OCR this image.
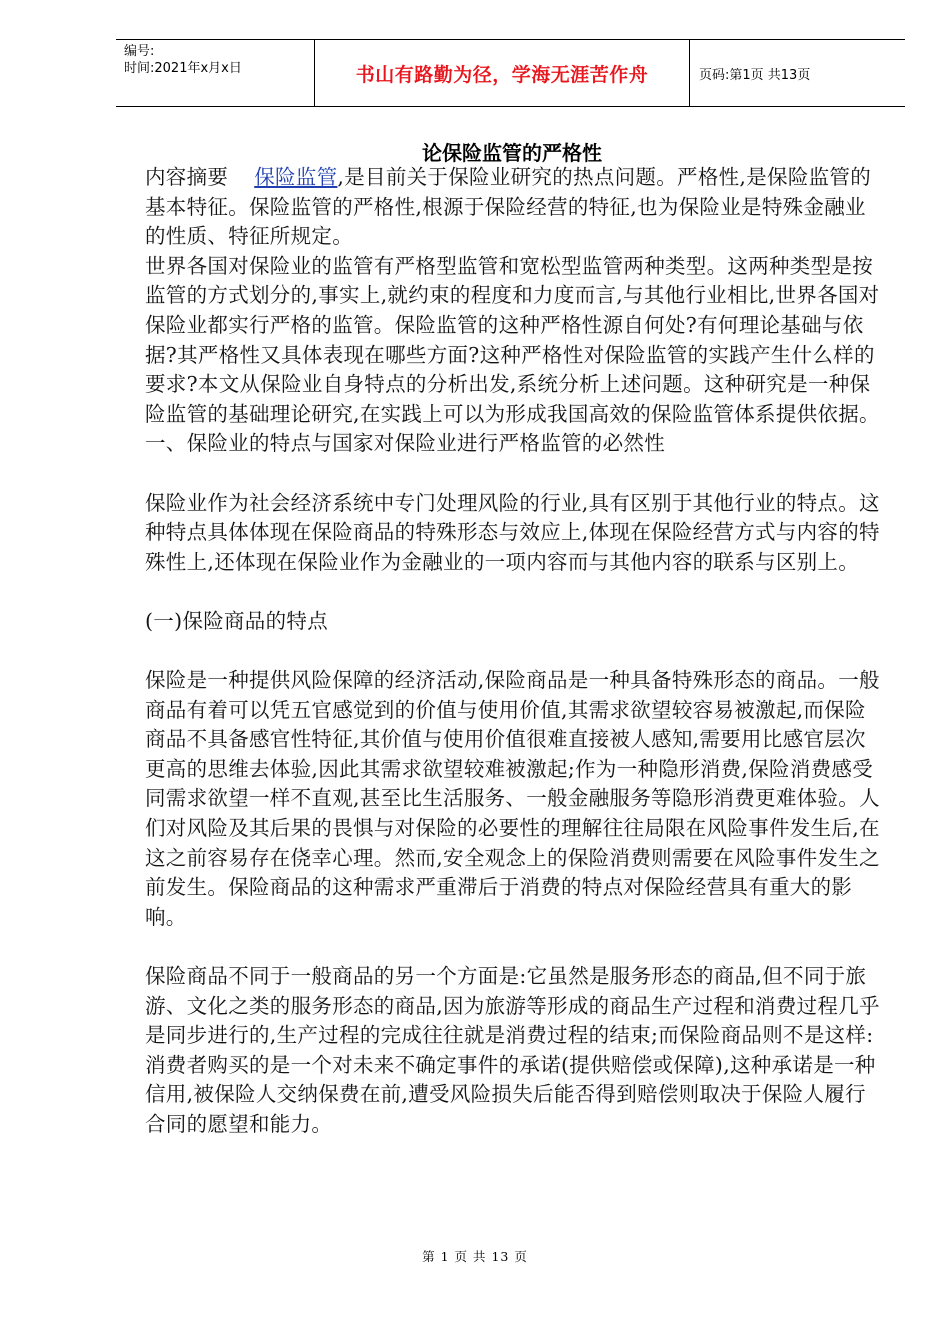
编号:
时间:2021年x月x日	书山有路勤为径，学海无涯苦作舟	页码:第1页 共13页
论保险监管的严格性

内容摘要 保险监管,是目前关于保险业研究的热点问题。严格性,是保险监管的基本特征。保险监管的严格性,根源于保险经营的特征,也为保险业是特殊金融业的性质、特征所规定。

世界各国对保险业的监管有严格型监管和宽松型监管两种类型。这两种类型是按监管的方式划分的,事实上,就约束的程度和力度而言,与其他行业相比,世界各国对保险业都实行严格的监管。保险监管的这种严格性源自何处?有何理论基础与依据?其严格性又具体表现在哪些方面?这种严格性对保险监管的实践产生什么样的要求?本文从保险业自身特点的分析出发,系统分析上述问题。这种研究是一种保险监管的基础理论研究,在实践上可以为形成我国高效的保险监管体系提供依据。

一、保险业的特点与国家对保险业进行严格监管的必然性

保险业作为社会经济系统中专门处理风险的行业,具有区别于其他行业的特点。这种特点具体体现在保险商品的特殊形态与效应上,体现在保险经营方式与内容的特殊性上,还体现在保险业作为金融业的一项内容而与其他内容的联系与区别上。

(一)保险商品的特点

保险是一种提供风险保障的经济活动,保险商品是一种具备特殊形态的商品。一般商品有着可以凭五官感觉到的价值与使用价值,其需求欲望较容易被激起,而保险商品不具备感官性特征,其价值与使用价值很难直接被人感知,需要用比感官层次更高的思维去体验,因此其需求欲望较难被激起;作为一种隐形消费,保险消费感受同需求欲望一样不直观,甚至比生活服务、一般金融服务等隐形消费更难体验。人们对风险及其后果的畏惧与对保险的必要性的理解往往局限在风险事件发生后,在这之前容易存在侥幸心理。然而,安全观念上的保险消费则需要在风险事件发生之前发生。保险商品的这种需求严重滞后于消费的特点对保险经营具有重大的影响。

保险商品不同于一般商品的另一个方面是:它虽然是服务形态的商品,但不同于旅游、文化之类的服务形态的商品,因为旅游等形成的商品生产过程和消费过程几乎是同步进行的,生产过程的完成往往就是消费过程的结束;而保险商品则不是这样:消费者购买的是一个对未来不确定事件的承诺(提供赔偿或保障),这种承诺是一种信用,被保险人交纳保费在前,遭受风险损失后能否得到赔偿则取决于保险人履行合同的愿望和能力。

第 1 页 共 13 页
